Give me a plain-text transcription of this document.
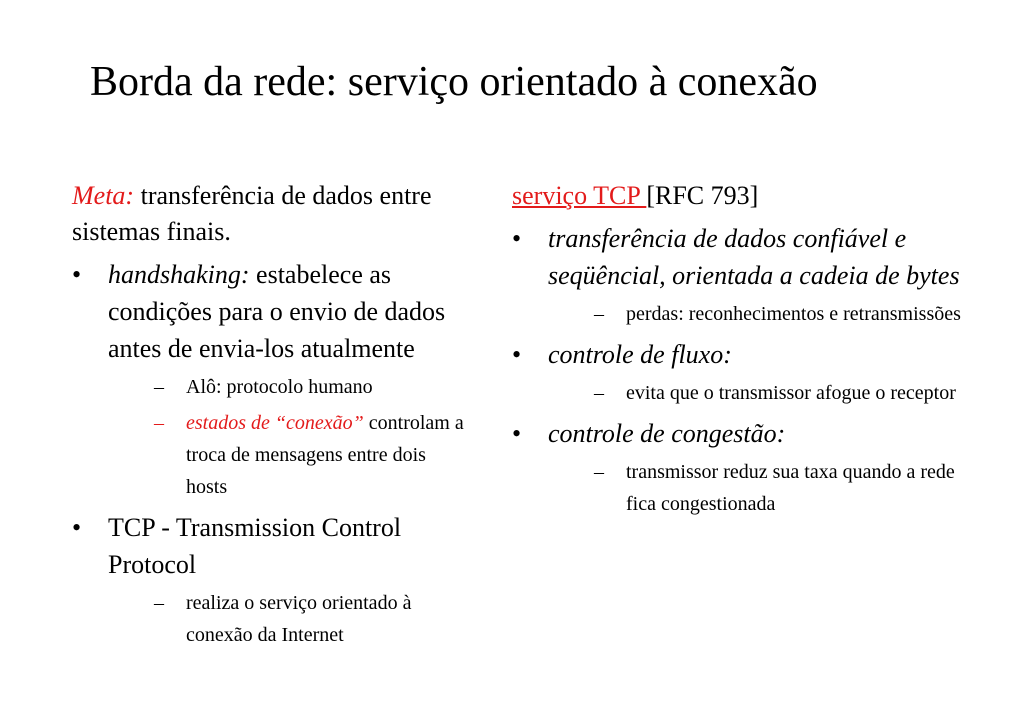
Borda da rede: serviço orientado à conexão

Meta: transferência de dados entre sistemas finais.

• handshaking: estabelece as condições para o envio de dados antes de envia-los atualmente
– Alô: protocolo humano
– estados de “conexão” controlam a troca de mensagens entre dois hosts
• TCP - Transmission Control Protocol
– realiza o serviço orientado à conexão da Internet

serviço TCP [RFC 793]

• transferência de dados confiável e seqüêncial, orientada a cadeia de bytes
– perdas: reconhecimentos e retransmissões
• controle de fluxo:
– evita que o transmissor afogue o receptor
• controle de congestão:
– transmissor reduz sua taxa quando a rede fica congestionada
